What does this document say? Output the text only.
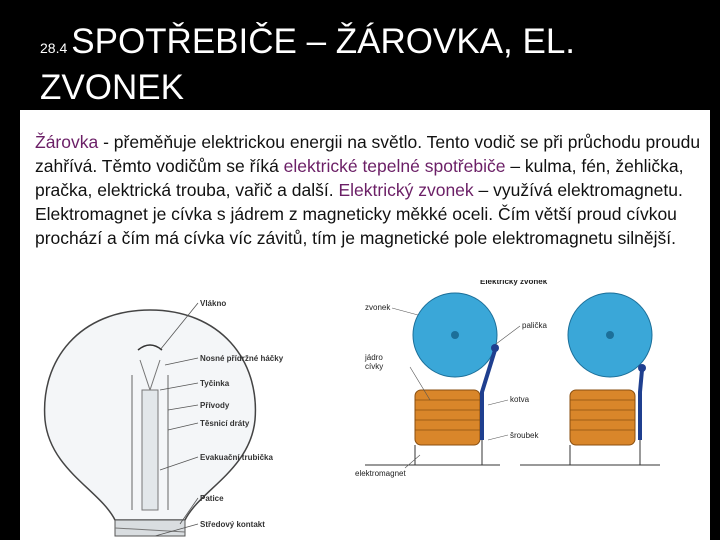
28.4 SPOTŘEBIČE – ŽÁROVKA, EL.
ZVONEK
Žárovka - přeměňuje elektrickou energii na světlo. Tento vodič se při průchodu proudu zahřívá. Těmto vodičům se říká elektrické tepelné spotřebiče – kulma, fén, žehlička, pračka, elektrická trouba, vařič a další. Elektrický zvonek – využívá elektromagnetu. Elektromagnet je cívka s jádrem z magneticky měkké oceli. Čím větší proud cívkou prochází a čím má cívka víc závitů, tím je magnetické pole elektromagnetu silnější.
Vlákno
Nosné přídržné háčky
Tyčinka
Přívody
Těsnicí dráty
Evakuační trubička
Patice
Středový kontakt
Elektrický zvonek
zvonek
palička
jádro
cívky
kotva
šroubek
elektromagnet
